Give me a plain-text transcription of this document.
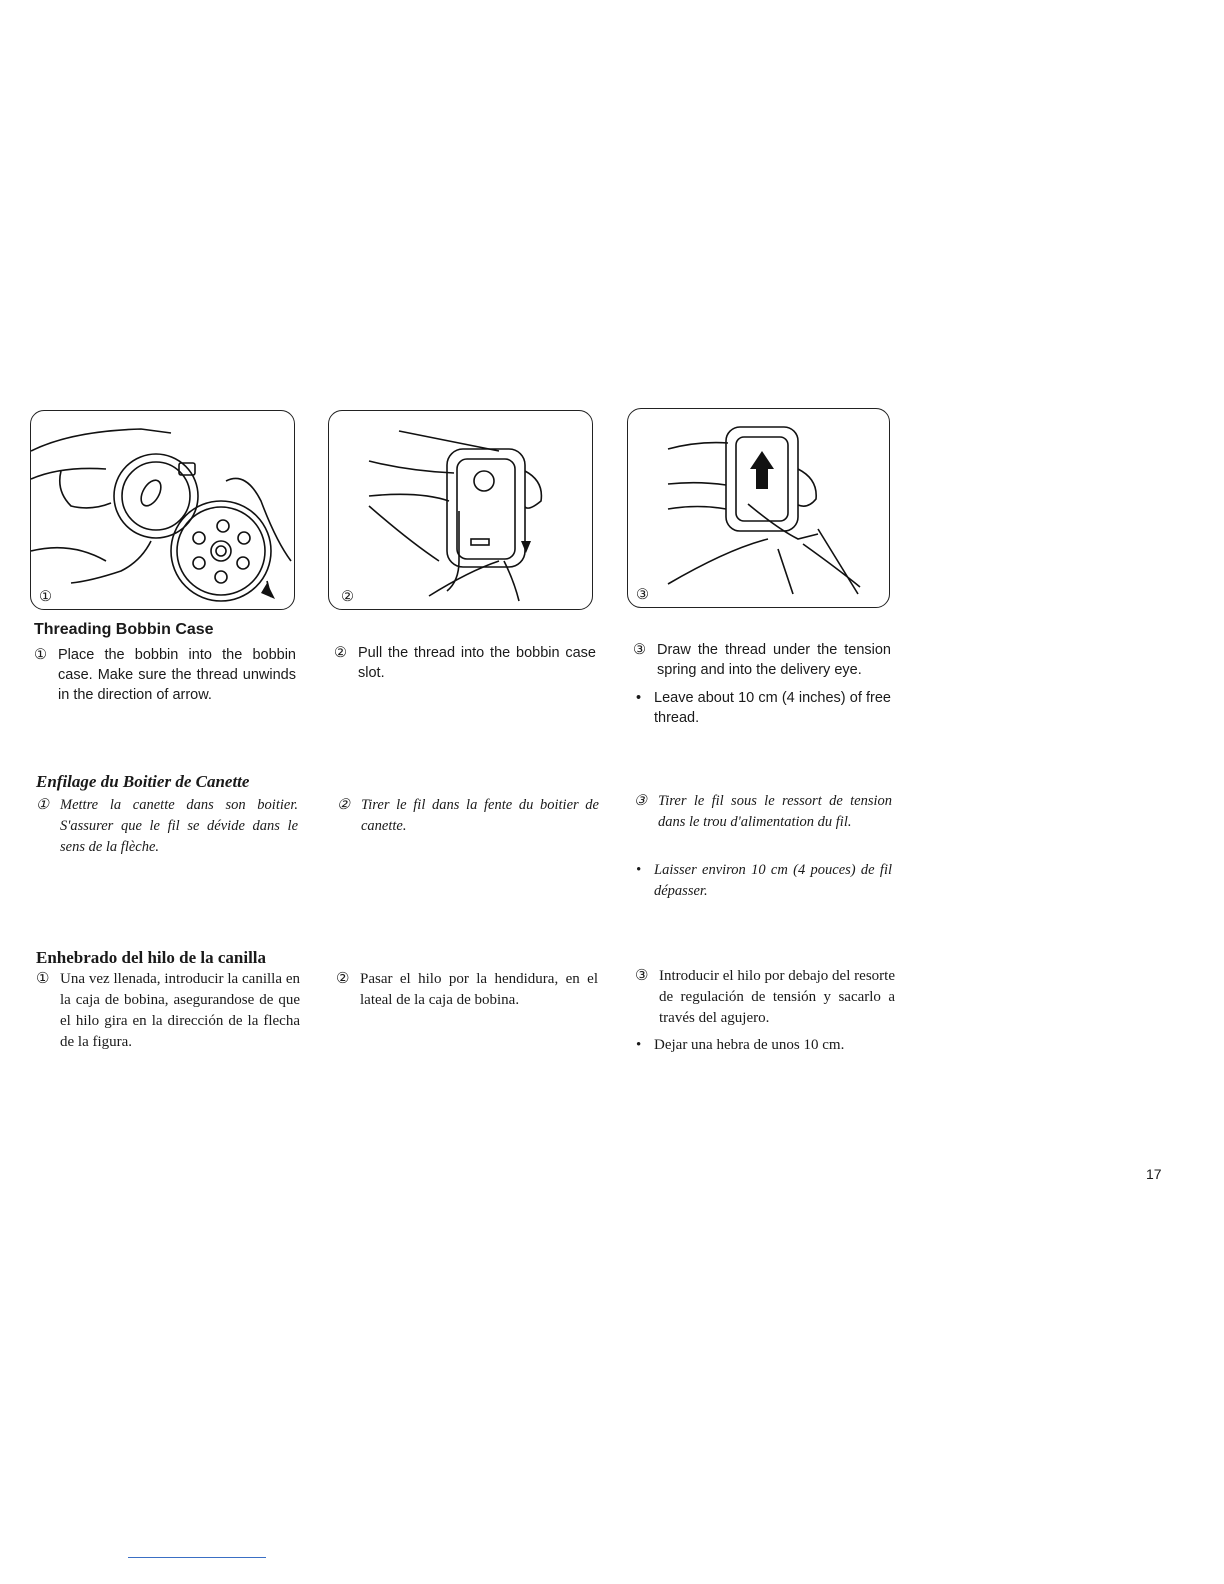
①	②	③
Threading Bobbin Case
① Place the bobbin into the bobbin case. Make sure the thread unwinds in the direction of arrow.
② Pull the thread into the bobbin case slot.
③ Draw the thread under the tension spring and into the delivery eye.
• Leave about 10 cm (4 inches) of free thread.
Enfilage du Boitier de Canette
① Mettre la canette dans son boitier. S'assurer que le fil se dévide dans le sens de la flèche.
② Tirer le fil dans la fente du boitier de canette.
③ Tirer le fil sous le ressort de tension dans le trou d'alimentation du fil.
• Laisser environ 10 cm (4 pouces) de fil dépasser.
Enhebrado del hilo de la canilla
① Una vez llenada, introducir la canilla en la caja de bobina, asegurandose de que el hilo gira en la dirección de la flecha de la figura.
② Pasar el hilo por la hendidura, en el lateal de la caja de bobina.
③ Introducir el hilo por debajo del resorte de regulación de tensión y sacarlo a través del agujero.
• Dejar una hebra de unos 10 cm.
17
